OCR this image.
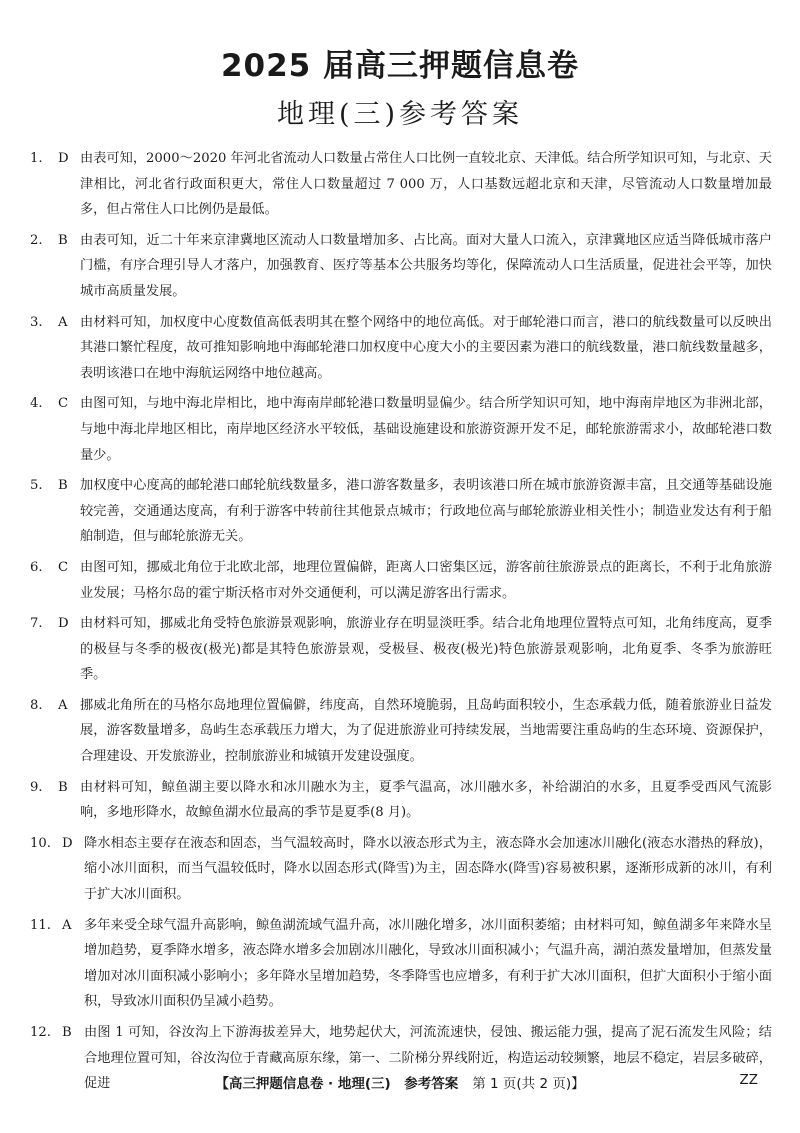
2025 届高三押题信息卷
地理(三)参考答案
1.	D 由表可知，2000～2020 年河北省流动人口数量占常住人口比例一直较北京、天津低。结合所学知识可知，与北京、天津相比，河北省行政面积更大，常住人口数量超过 7 000 万，人口基数远超北京和天津，尽管流动人口数量增加最多，但占常住人口比例仍是最低。
2.	B 由表可知，近二十年来京津冀地区流动人口数量增加多、占比高。面对大量人口流入，京津冀地区应适当降低城市落户门槛，有序合理引导人才落户，加强教育、医疗等基本公共服务均等化，保障流动人口生活质量，促进社会平等，加快城市高质量发展。
3.	A 由材料可知，加权度中心度数值高低表明其在整个网络中的地位高低。对于邮轮港口而言，港口的航线数量可以反映出其港口繁忙程度，故可推知影响地中海邮轮港口加权度中心度大小的主要因素为港口的航线数量，港口航线数量越多，表明该港口在地中海航运网络中地位越高。
4.	C 由图可知，与地中海北岸相比，地中海南岸邮轮港口数量明显偏少。结合所学知识可知，地中海南岸地区为非洲北部，与地中海北岸地区相比，南岸地区经济水平较低，基础设施建设和旅游资源开发不足，邮轮旅游需求小，故邮轮港口数量少。
5.	B 加权度中心度高的邮轮港口邮轮航线数量多，港口游客数量多，表明该港口所在城市旅游资源丰富，且交通等基础设施较完善，交通通达度高，有利于游客中转前往其他景点城市；行政地位高与邮轮旅游业相关性小；制造业发达有利于船舶制造，但与邮轮旅游无关。
6.	C 由图可知，挪威北角位于北欧北部，地理位置偏僻，距离人口密集区远，游客前往旅游景点的距离长，不利于北角旅游业发展；马格尔岛的霍宁斯沃格市对外交通便利，可以满足游客出行需求。
7.	D 由材料可知，挪威北角受特色旅游景观影响，旅游业存在明显淡旺季。结合北角地理位置特点可知，北角纬度高，夏季的极昼与冬季的极夜(极光)都是其特色旅游景观，受极昼、极夜(极光)特色旅游景观影响，北角夏季、冬季为旅游旺季。
8.	A 挪威北角所在的马格尔岛地理位置偏僻，纬度高，自然环境脆弱，且岛屿面积较小，生态承载力低，随着旅游业日益发展，游客数量增多，岛屿生态承载压力增大，为了促进旅游业可持续发展，当地需要注重岛屿的生态环境、资源保护，合理建设、开发旅游业，控制旅游业和城镇开发建设强度。
9.	B 由材料可知，鲸鱼湖主要以降水和冰川融水为主，夏季气温高，冰川融水多，补给湖泊的水多，且夏季受西风气流影响，多地形降水，故鲸鱼湖水位最高的季节是夏季(8 月)。
10. D 降水相态主要存在液态和固态，当气温较高时，降水以液态形式为主，液态降水会加速冰川融化(液态水潜热的释放)，缩小冰川面积，而当气温较低时，降水以固态形式(降雪)为主，固态降水(降雪)容易被积累，逐渐形成新的冰川，有利于扩大冰川面积。
11. A 多年来受全球气温升高影响，鲸鱼湖流域气温升高，冰川融化增多，冰川面积萎缩；由材料可知，鲸鱼湖多年来降水呈增加趋势，夏季降水增多，液态降水增多会加剧冰川融化，导致冰川面积减小；气温升高，湖泊蒸发量增加，但蒸发量增加对冰川面积减小影响小；多年降水呈增加趋势，冬季降雪也应增多，有利于扩大冰川面积，但扩大面积小于缩小面积，导致冰川面积仍呈减小趋势。
12. B 由图 1 可知，谷汝沟上下游海拔差异大，地势起伏大，河流流速快，侵蚀、搬运能力强，提高了泥石流发生风险；结合地理位置可知，谷汝沟位于青藏高原东缘，第一、二阶梯分界线附近，构造运动较频繁，地层不稳定，岩层多破碎，促进	【高三押题信息卷 · 地理(三)　参考答案 第 1 页(共 2 页)】	ZZ
